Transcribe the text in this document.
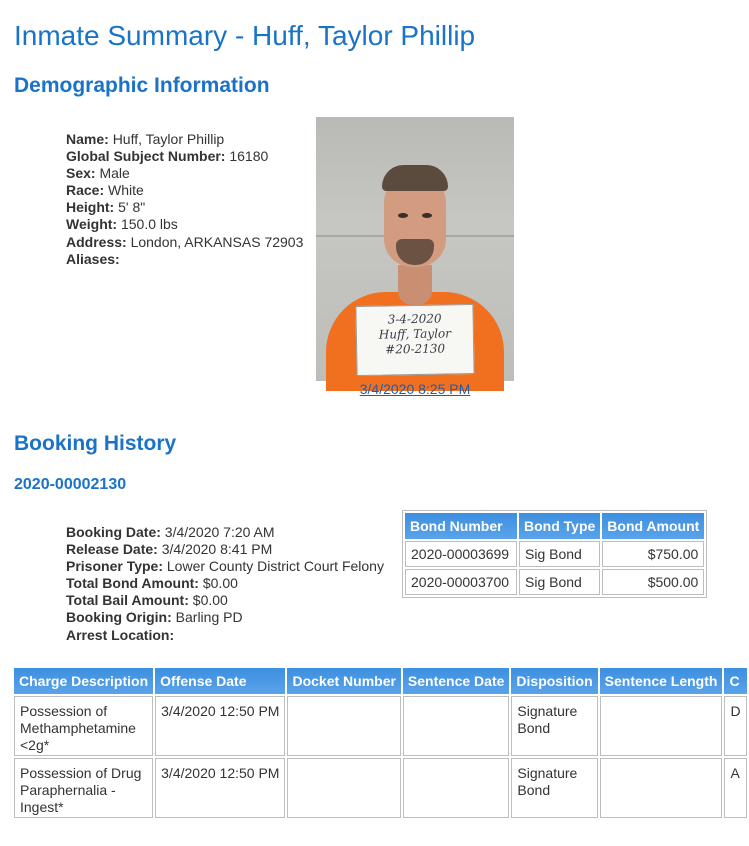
Inmate Summary - Huff, Taylor Phillip
Demographic Information
Name: Huff, Taylor Phillip
Global Subject Number: 16180
Sex: Male
Race: White
Height: 5' 8"
Weight: 150.0 lbs
Address: London, ARKANSAS 72903
Aliases:
3-4-2020
Huff, Taylor
#20-2130
3/4/2020 8:25 PM
Booking History
2020-00002130
Booking Date: 3/4/2020 7:20 AM
Release Date: 3/4/2020 8:41 PM
Prisoner Type: Lower County District Court Felony
Total Bond Amount: $0.00
Total Bail Amount: $0.00
Booking Origin: Barling PD
Arrest Location:
Bond Number	Bond Type	Bond Amount
2020-00003699	Sig Bond	$750.00
2020-00003700	Sig Bond	$500.00
Charge Description	Offense Date	Docket Number	Sentence Date	Disposition	Sentence Length	C
Possession of Methamphetamine <2g*	3/4/2020 12:50 PM			Signature Bond		D
Possession of Drug Paraphernalia - Ingest*	3/4/2020 12:50 PM			Signature Bond		A
